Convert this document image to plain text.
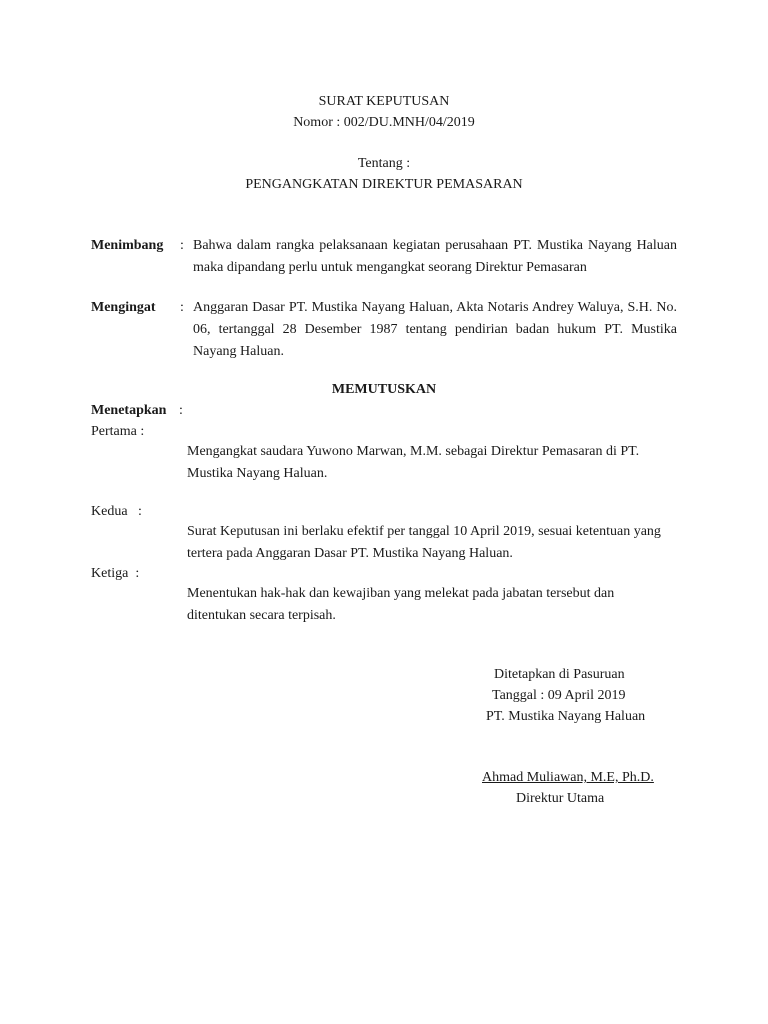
SURAT KEPUTUSAN
Nomor : 002/DU.MNH/04/2019
Tentang :
PENGANGKATAN DIREKTUR PEMASARAN
Menimbang : Bahwa dalam rangka pelaksanaan kegiatan perusahaan PT. Mustika Nayang Haluan maka dipandang perlu untuk mengangkat seorang Direktur Pemasaran
Mengingat : Anggaran Dasar PT. Mustika Nayang Haluan, Akta Notaris Andrey Waluya, S.H. No. 06, tertanggal 28 Desember 1987 tentang pendirian badan hukum PT. Mustika Nayang Haluan.
MEMUTUSKAN
Menetapkan :
Pertama :
Mengangkat saudara Yuwono Marwan, M.M. sebagai Direktur Pemasaran di PT. Mustika Nayang Haluan.
Kedua   :
Surat Keputusan ini berlaku efektif per tanggal 10 April 2019, sesuai ketentuan yang tertera pada Anggaran Dasar PT. Mustika Nayang Haluan.
Ketiga  :
Menentukan hak-hak dan kewajiban yang melekat pada jabatan tersebut dan ditentukan secara terpisah.
Ditetapkan di Pasuruan
Tanggal : 09 April 2019
PT. Mustika Nayang Haluan
Ahmad Muliawan, M.E, Ph.D.
Direktur Utama
